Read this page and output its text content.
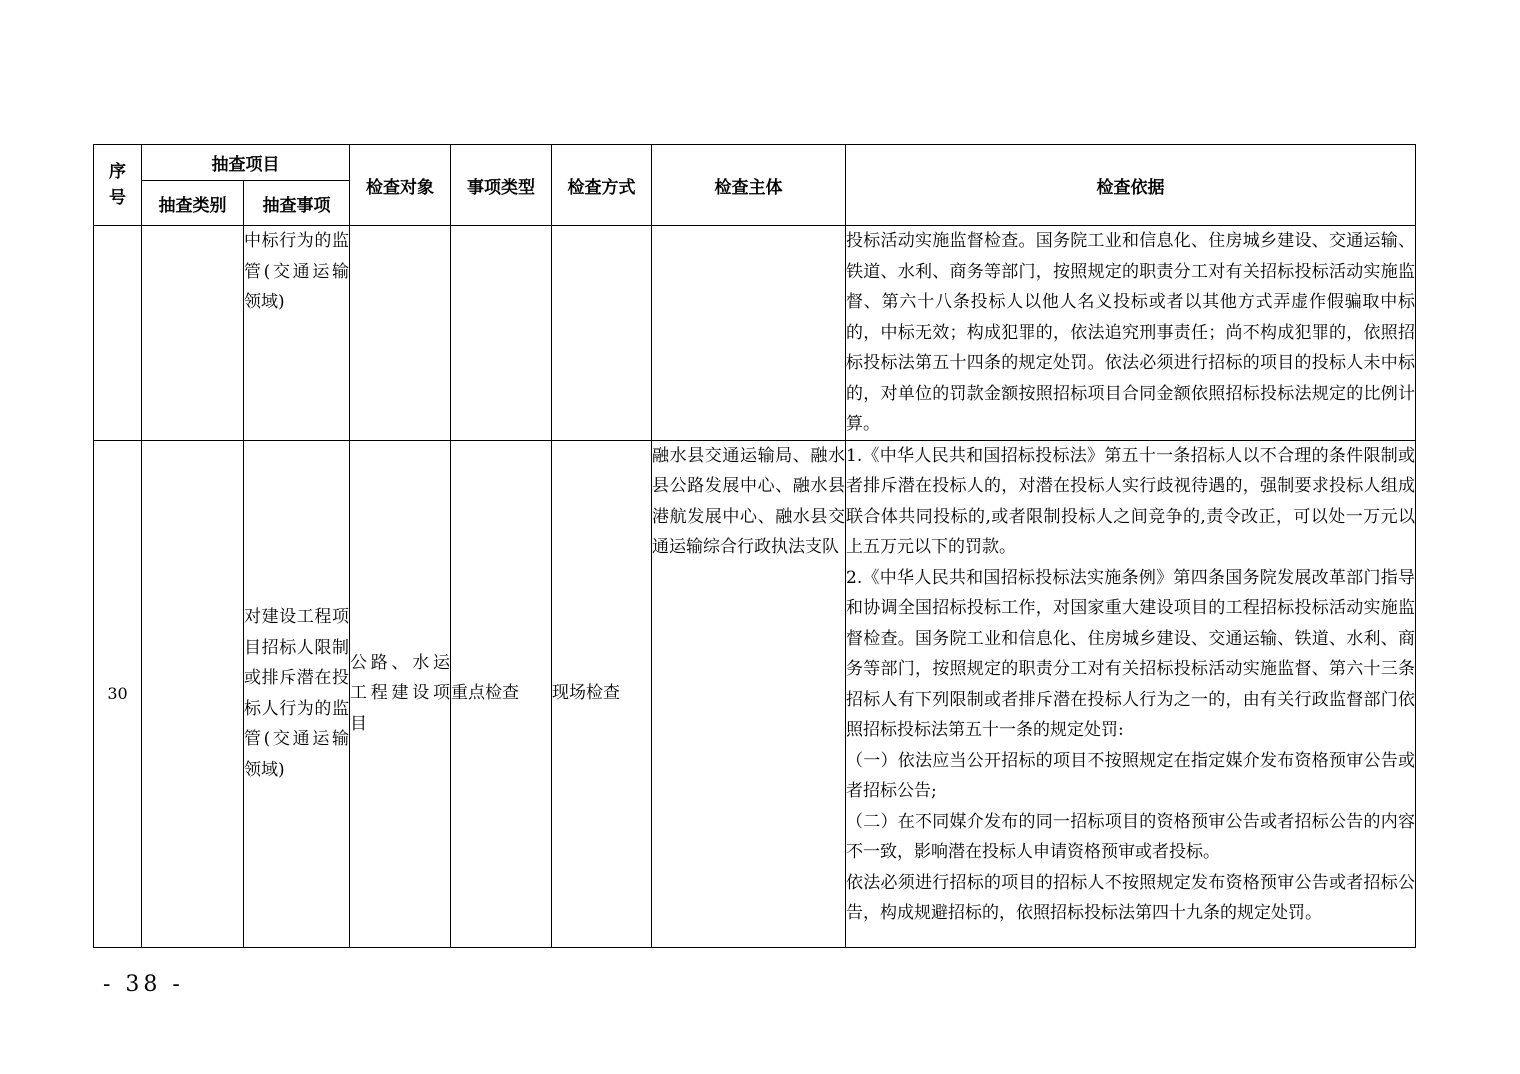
序号	抽查项目		检查对象	事项类型	检查方式	检查主体	检查依据
	抽查类别	抽查事项					
		中标行为的监管(交通运输领域)					投标活动实施监督检查。国务院工业和信息化、住房城乡建设、交通运输、铁道、水利、商务等部门，按照规定的职责分工对有关招标投标活动实施监督、第六十八条投标人以他人名义投标或者以其他方式弄虚作假骗取中标的，中标无效；构成犯罪的，依法追究刑事责任；尚不构成犯罪的，依照招标投标法第五十四条的规定处罚。依法必须进行招标的项目的投标人未中标的，对单位的罚款金额按照招标项目合同金额依照招标投标法规定的比例计算。

30		对建设工程项目招标人限制或排斥潜在投标人行为的监管(交通运输领域)	公路、水运工程建设项目	重点检查	现场检查	融水县交通运输局、融水县公路发展中心、融水县港航发展中心、融水县交通运输综合行政执法支队	1.《中华人民共和国招标投标法》第五十一条招标人以不合理的条件限制或者排斥潜在投标人的，对潜在投标人实行歧视待遇的，强制要求投标人组成联合体共同投标的,或者限制投标人之间竞争的,责令改正，可以处一万元以上五万元以下的罚款。

2.《中华人民共和国招标投标法实施条例》第四条国务院发展改革部门指导和协调全国招标投标工作，对国家重大建设项目的工程招标投标活动实施监督检查。国务院工业和信息化、住房城乡建设、交通运输、铁道、水利、商务等部门，按照规定的职责分工对有关招标投标活动实施监督、第六十三条招标人有下列限制或者排斥潜在投标人行为之一的，由有关行政监督部门依照招标投标法第五十一条的规定处罚:

（一）依法应当公开招标的项目不按照规定在指定媒介发布资格预审公告或者招标公告;

（二）在不同媒介发布的同一招标项目的资格预审公告或者招标公告的内容不一致，影响潜在投标人申请资格预审或者投标。

依法必须进行招标的项目的招标人不按照规定发布资格预审公告或者招标公告，构成规避招标的，依照招标投标法第四十九条的规定处罚。

- 38 -
